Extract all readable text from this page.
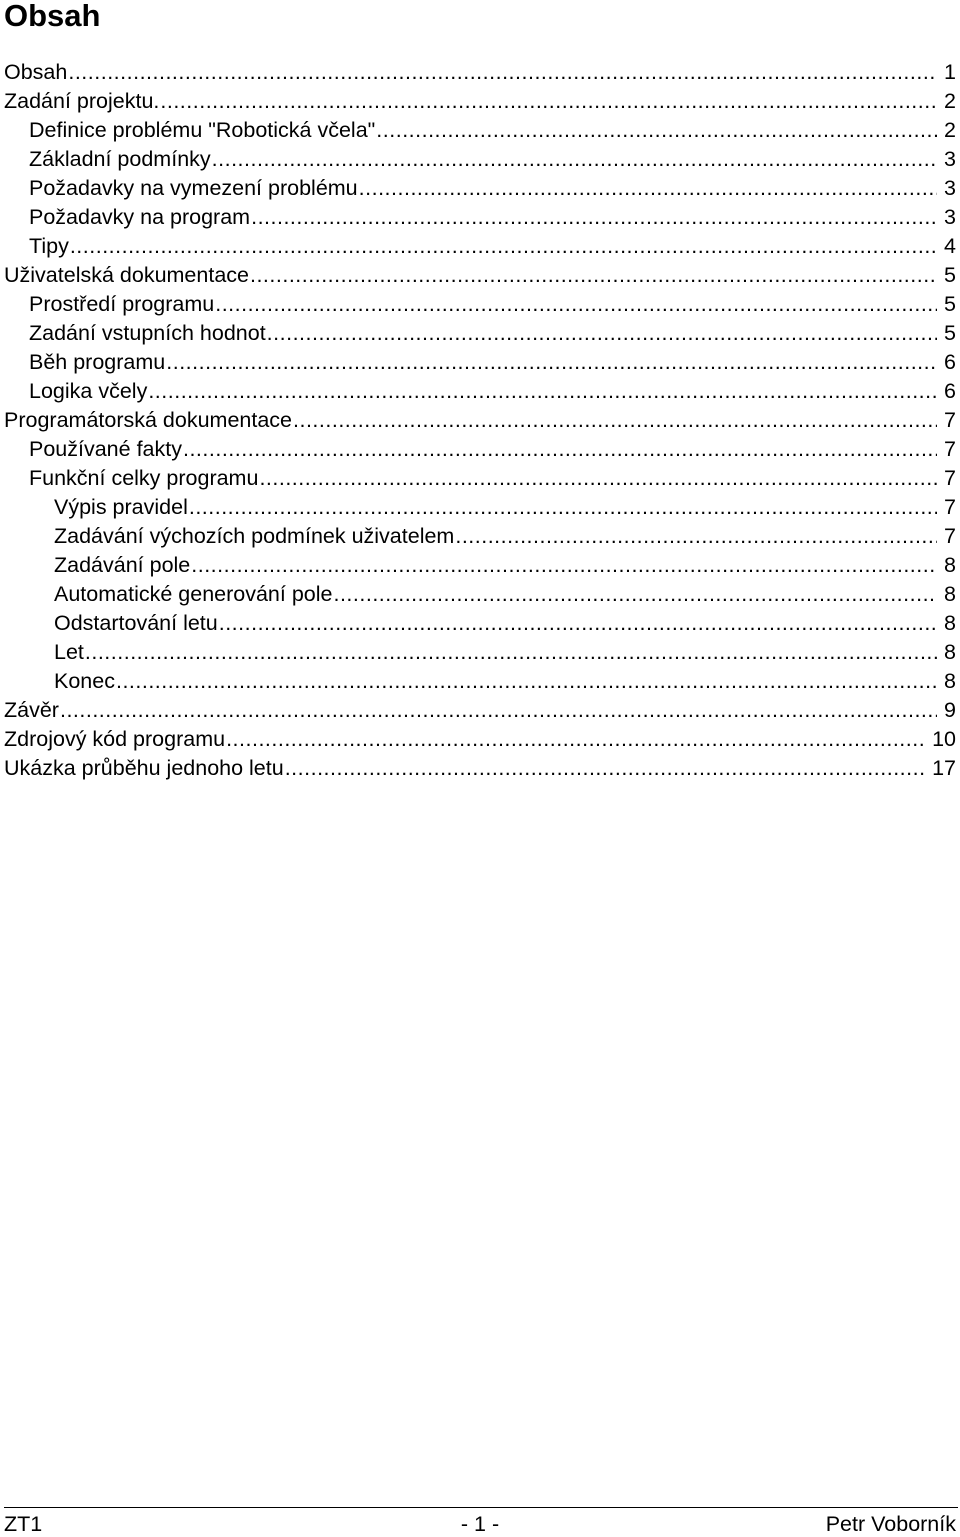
Obsah
Obsah .....	1
Zadání projektu. .....	2
Definice problému "Robotická včela" .....	2
Základní podmínky .....	3
Požadavky na vymezení problému .....	3
Požadavky na program .....	3
Tipy .....	4
Uživatelská dokumentace .....	5
Prostředí programu .....	5
Zadání vstupních hodnot .....	5
Běh programu .....	6
Logika včely .....	6
Programátorská dokumentace .....	7
Používané fakty .....	7
Funkční celky programu .....	7
Výpis pravidel .....	7
Zadávání výchozích podmínek uživatelem .....	7
Zadávání pole .....	8
Automatické generování pole .....	8
Odstartování letu .....	8
Let .....	8
Konec .....	8
Závěr .....	9
Zdrojový kód programu .....	10
Ukázka průběhu jednoho letu .....	17
ZT1	- 1 -	Petr Voborník
